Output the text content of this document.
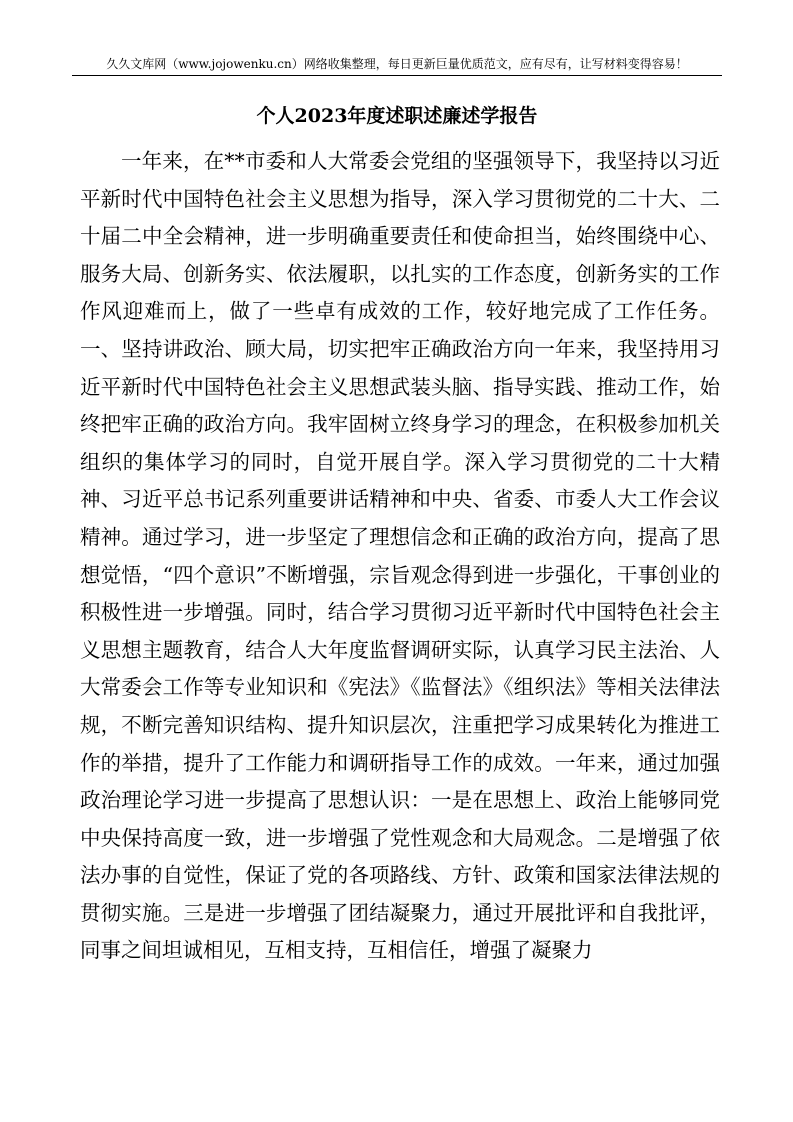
久久文库网（www.jojowenku.cn）网络收集整理，每日更新巨量优质范文，应有尽有，让写材料变得容易！
个人2023年度述职述廉述学报告
一年来，在**市委和人大常委会党组的坚强领导下，我坚持以习近平新时代中国特色社会主义思想为指导，深入学习贯彻党的二十大、二十届二中全会精神，进一步明确重要责任和使命担当，始终围绕中心、服务大局、创新务实、依法履职，以扎实的工作态度，创新务实的工作作风迎难而上，做了一些卓有成效的工作，较好地完成了工作任务。一、坚持讲政治、顾大局，切实把牢正确政治方向一年来，我坚持用习近平新时代中国特色社会主义思想武装头脑、指导实践、推动工作，始终把牢正确的政治方向。我牢固树立终身学习的理念，在积极参加机关组织的集体学习的同时，自觉开展自学。深入学习贯彻党的二十大精神、习近平总书记系列重要讲话精神和中央、省委、市委人大工作会议精神。通过学习，进一步坚定了理想信念和正确的政治方向，提高了思想觉悟，“四个意识”不断增强，宗旨观念得到进一步强化，干事创业的积极性进一步增强。同时，结合学习贯彻习近平新时代中国特色社会主义思想主题教育，结合人大年度监督调研实际，认真学习民主法治、人大常委会工作等专业知识和《宪法》《监督法》《组织法》等相关法律法规，不断完善知识结构、提升知识层次，注重把学习成果转化为推进工作的举措，提升了工作能力和调研指导工作的成效。一年来，通过加强政治理论学习进一步提高了思想认识：一是在思想上、政治上能够同党中央保持高度一致，进一步增强了党性观念和大局观念。二是增强了依法办事的自觉性，保证了党的各项路线、方针、政策和国家法律法规的贯彻实施。三是进一步增强了团结凝聚力，通过开展批评和自我批评，同事之间坦诚相见，互相支持，互相信任，增强了凝聚力
